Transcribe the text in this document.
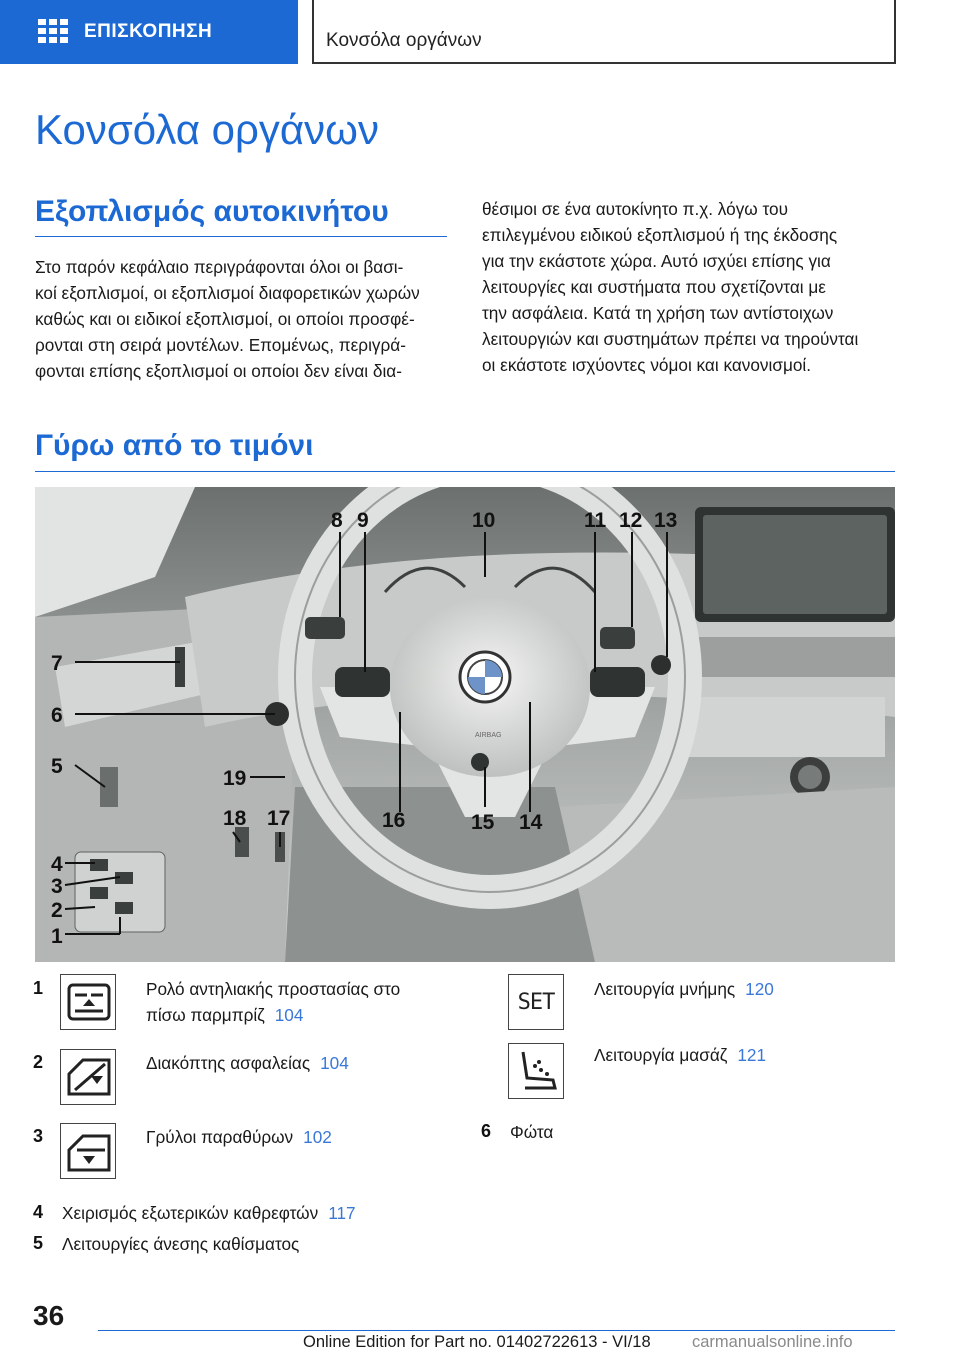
ΕΠΙΣΚΟΠΗΣΗ	Κονσόλα οργάνων
Κονσόλα οργάνων
Εξοπλισμός αυτοκινήτου
Στο παρόν κεφάλαιο περιγράφονται όλοι οι βασι-
κοί εξοπλισμοί, οι εξοπλισμοί διαφορετικών χωρών
καθώς και οι ειδικοί εξοπλισμοί, οι οποίοι προσφέ-
ρονται στη σειρά μοντέλων. Επομένως, περιγρά-
φονται επίσης εξοπλισμοί οι οποίοι δεν είναι δια-
θέσιμοι σε ένα αυτοκίνητο π.χ. λόγω του
επιλεγμένου ειδικού εξοπλισμού ή της έκδοσης
για την εκάστοτε χώρα. Αυτό ισχύει επίσης για
λειτουργίες και συστήματα που σχετίζονται με
την ασφάλεια. Κατά τη χρήση των αντίστοιχων
λειτουργιών και συστημάτων πρέπει να τηρούνται
οι εκάστοτε ισχύοντες νόμοι και κανονισμοί.
Γύρω από το τιμόνι
8 9	10	11 12 13
7
6
5
19
18 17	16	15 14
4
3
2
1
AIRBAG
1	Ρολό αντηλιακής προστασίας στο
πίσω παρμπρίζ 104
2	Διακόπτης ασφαλείας 104
3	Γρύλοι παραθύρων 102
4 Χειρισμός εξωτερικών καθρεφτών 117
5 Λειτουργίες άνεσης καθίσματος
SET
Λειτουργία μνήμης 120
Λειτουργία μασάζ 121
6 Φώτα
36
Online Edition for Part no. 01402722613 - VI/18	carmanualsonline.info
